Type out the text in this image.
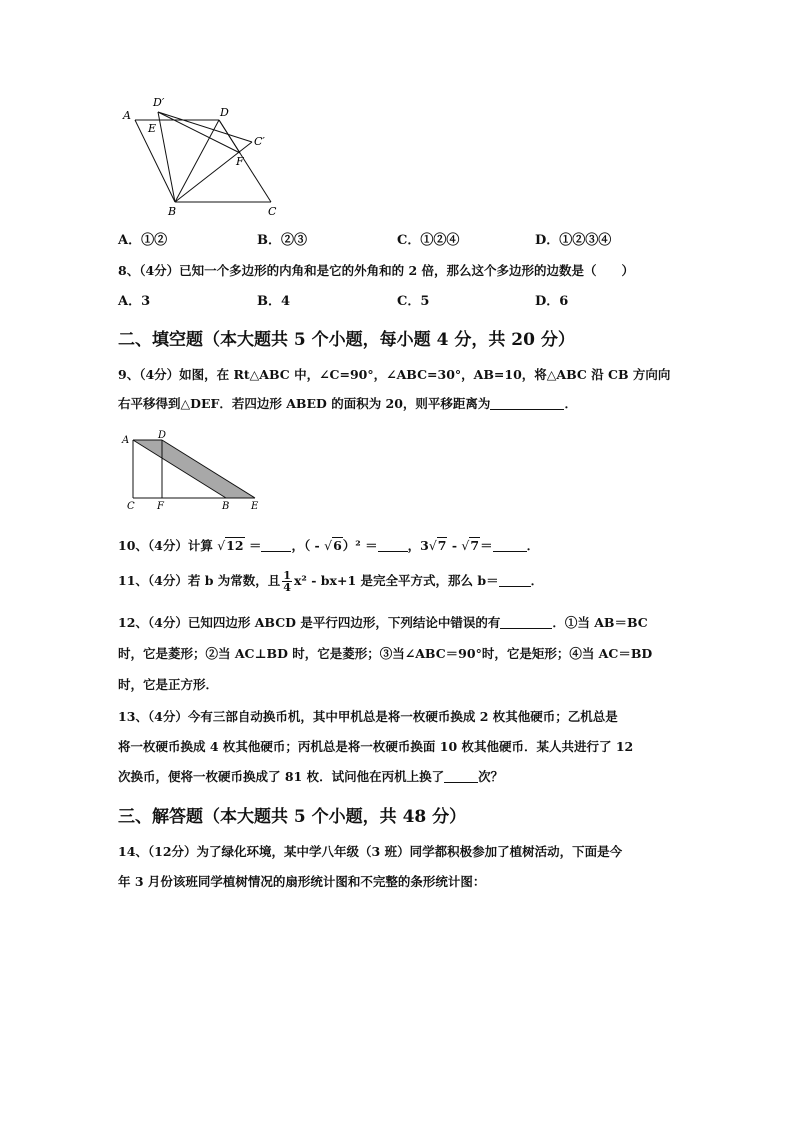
A
D′
D
E
C′
F
B	C
A．①②	B．②③	C．①②④	D．①②③④
8、（4分）已知一个多边形的内角和是它的外角和的 2 倍，那么这个多边形的边数是（　　）
A．3	B．4	C．5	D．6
二、填空题（本大题共 5 个小题，每小题 4 分，共 20 分）
9、（4分）如图，在 Rt△ABC 中，∠C=90°，∠ABC=30°，AB=10，将△ABC 沿 CB 方向向
右平移得到△DEF．若四边形 ABED 的面积为 20，则平移距离为	．
A	D
C F	B E
10、（4分）计算 √12 ＝ ，（ - √6）² ＝ ，3√7 - √7＝	．
11、（4分）若 b 为常数，且 $\frac{1}{4} x^2 - bx+1$ 是完全平方式，那么 b＝	．
12、（4分）已知四边形 ABCD 是平行四边形，下列结论中错误的有	．①当 AB＝BC
时，它是菱形；②当 AC⊥BD 时，它是菱形；③当∠ABC＝90°时，它是矩形；④当 AC＝BD
时，它是正方形．
13、（4分）今有三部自动换币机，其中甲机总是将一枚硬币换成 2 枚其他硬币；乙机总是
将一枚硬币换成 4 枚其他硬币；丙机总是将一枚硬币换面 10 枚其他硬币．某人共进行了 12
次换币，便将一枚硬币换成了 81 枚．试问他在丙机上换了	次？
三、解答题（本大题共 5 个小题，共 48 分）
14、（12分）为了绿化环境，某中学八年级（3 班）同学都积极参加了植树活动，下面是今
年 3 月份该班同学植树情况的扇形统计图和不完整的条形统计图：
